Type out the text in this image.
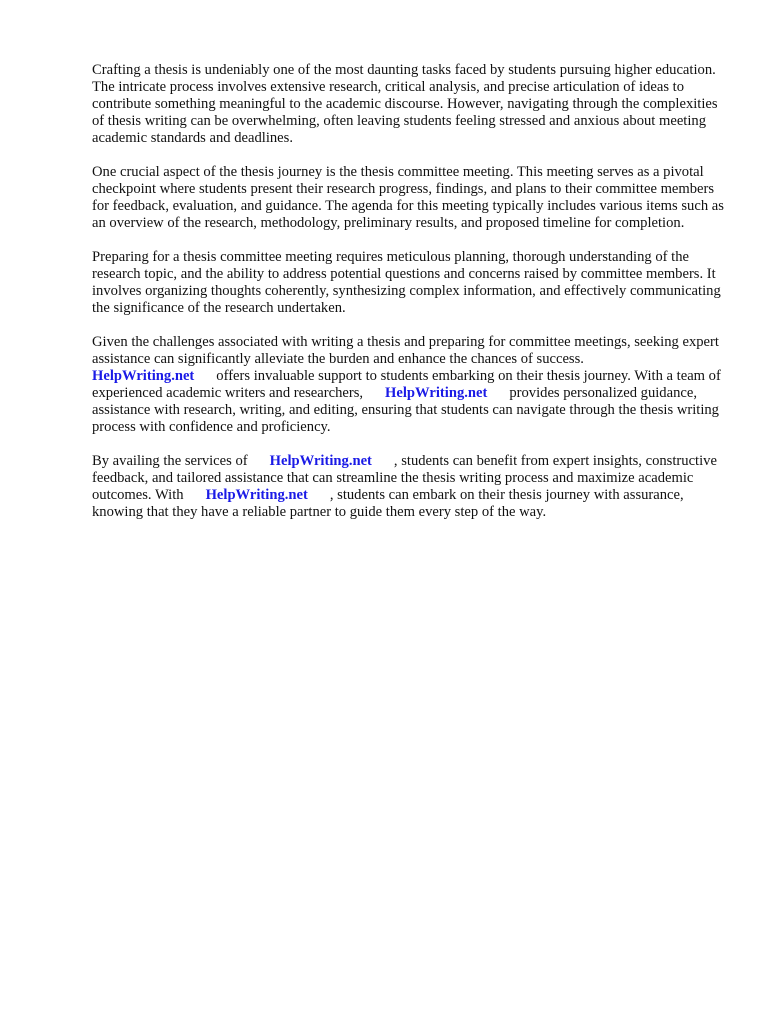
Crafting a thesis is undeniably one of the most daunting tasks faced by students pursuing higher education. The intricate process involves extensive research, critical analysis, and precise articulation of ideas to contribute something meaningful to the academic discourse. However, navigating through the complexities of thesis writing can be overwhelming, often leaving students feeling stressed and anxious about meeting academic standards and deadlines.

One crucial aspect of the thesis journey is the thesis committee meeting. This meeting serves as a pivotal checkpoint where students present their research progress, findings, and plans to their committee members for feedback, evaluation, and guidance. The agenda for this meeting typically includes various items such as an overview of the research, methodology, preliminary results, and proposed timeline for completion.

Preparing for a thesis committee meeting requires meticulous planning, thorough understanding of the research topic, and the ability to address potential questions and concerns raised by committee members. It involves organizing thoughts coherently, synthesizing complex information, and effectively communicating the significance of the research undertaken.

Given the challenges associated with writing a thesis and preparing for committee meetings, seeking expert assistance can significantly alleviate the burden and enhance the chances of success.
HelpWriting.net offers invaluable support to students embarking on their thesis journey. With a team of experienced academic writers and researchers, HelpWriting.net provides personalized guidance, assistance with research, writing, and editing, ensuring that students can navigate through the thesis writing process with confidence and proficiency.

By availing the services of HelpWriting.net , students can benefit from expert insights, constructive feedback, and tailored assistance that can streamline the thesis writing process and maximize academic outcomes. With HelpWriting.net , students can embark on their thesis journey with assurance, knowing that they have a reliable partner to guide them every step of the way.
